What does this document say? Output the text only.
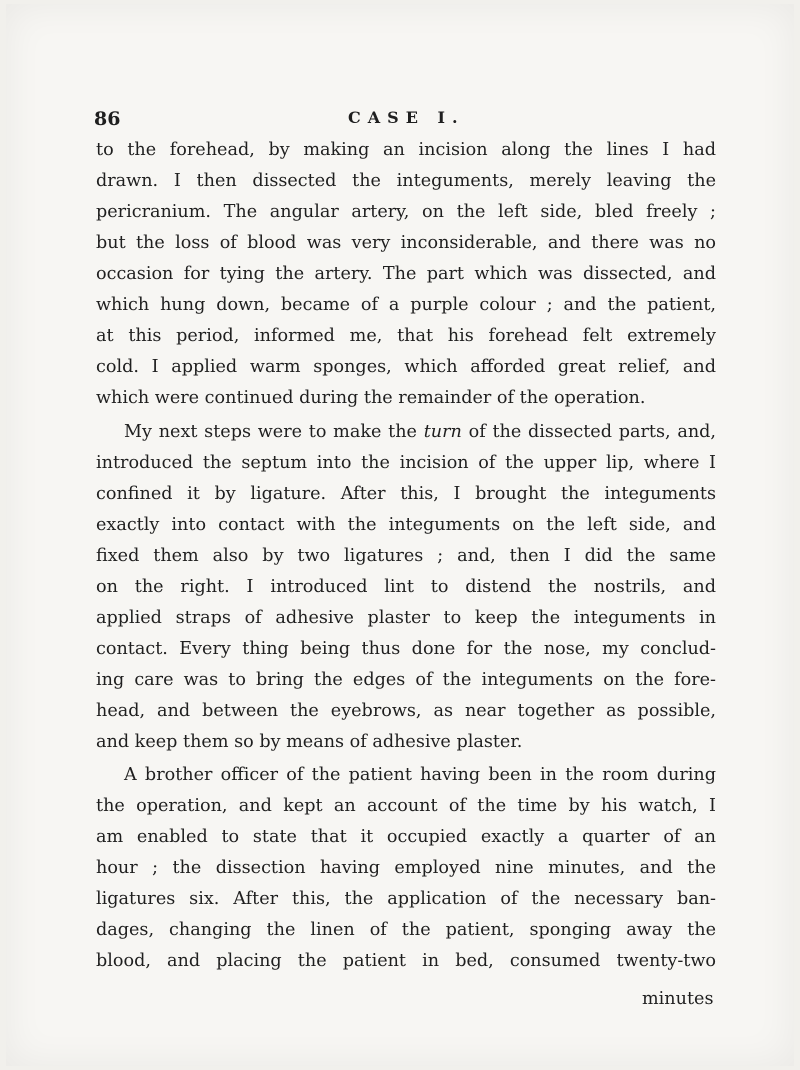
86	CASE I.
to the forehead, by making an incision along the lines I had
drawn. I then dissected the integuments, merely leaving the
pericranium. The angular artery, on the left side, bled freely ;
but the loss of blood was very inconsiderable, and there was no
occasion for tying the artery. The part which was dissected, and
which hung down, became of a purple colour ; and the patient,
at this period, informed me, that his forehead felt extremely
cold. I applied warm sponges, which afforded great relief, and
which were continued during the remainder of the operation.
My next steps were to make the turn of the dissected parts, and,
introduced the septum into the incision of the upper lip, where I
confined it by ligature. After this, I brought the integuments
exactly into contact with the integuments on the left side, and
fixed them also by two ligatures ; and, then I did the same
on the right. I introduced lint to distend the nostrils, and
applied straps of adhesive plaster to keep the integuments in
contact. Every thing being thus done for the nose, my conclud-
ing care was to bring the edges of the integuments on the fore-
head, and between the eyebrows, as near together as possible,
and keep them so by means of adhesive plaster.
A brother officer of the patient having been in the room during
the operation, and kept an account of the time by his watch, I
am enabled to state that it occupied exactly a quarter of an
hour ; the dissection having employed nine minutes, and the
ligatures six. After this, the application of the necessary ban-
dages, changing the linen of the patient, sponging away the
blood, and placing the patient in bed, consumed twenty-two
minutes
